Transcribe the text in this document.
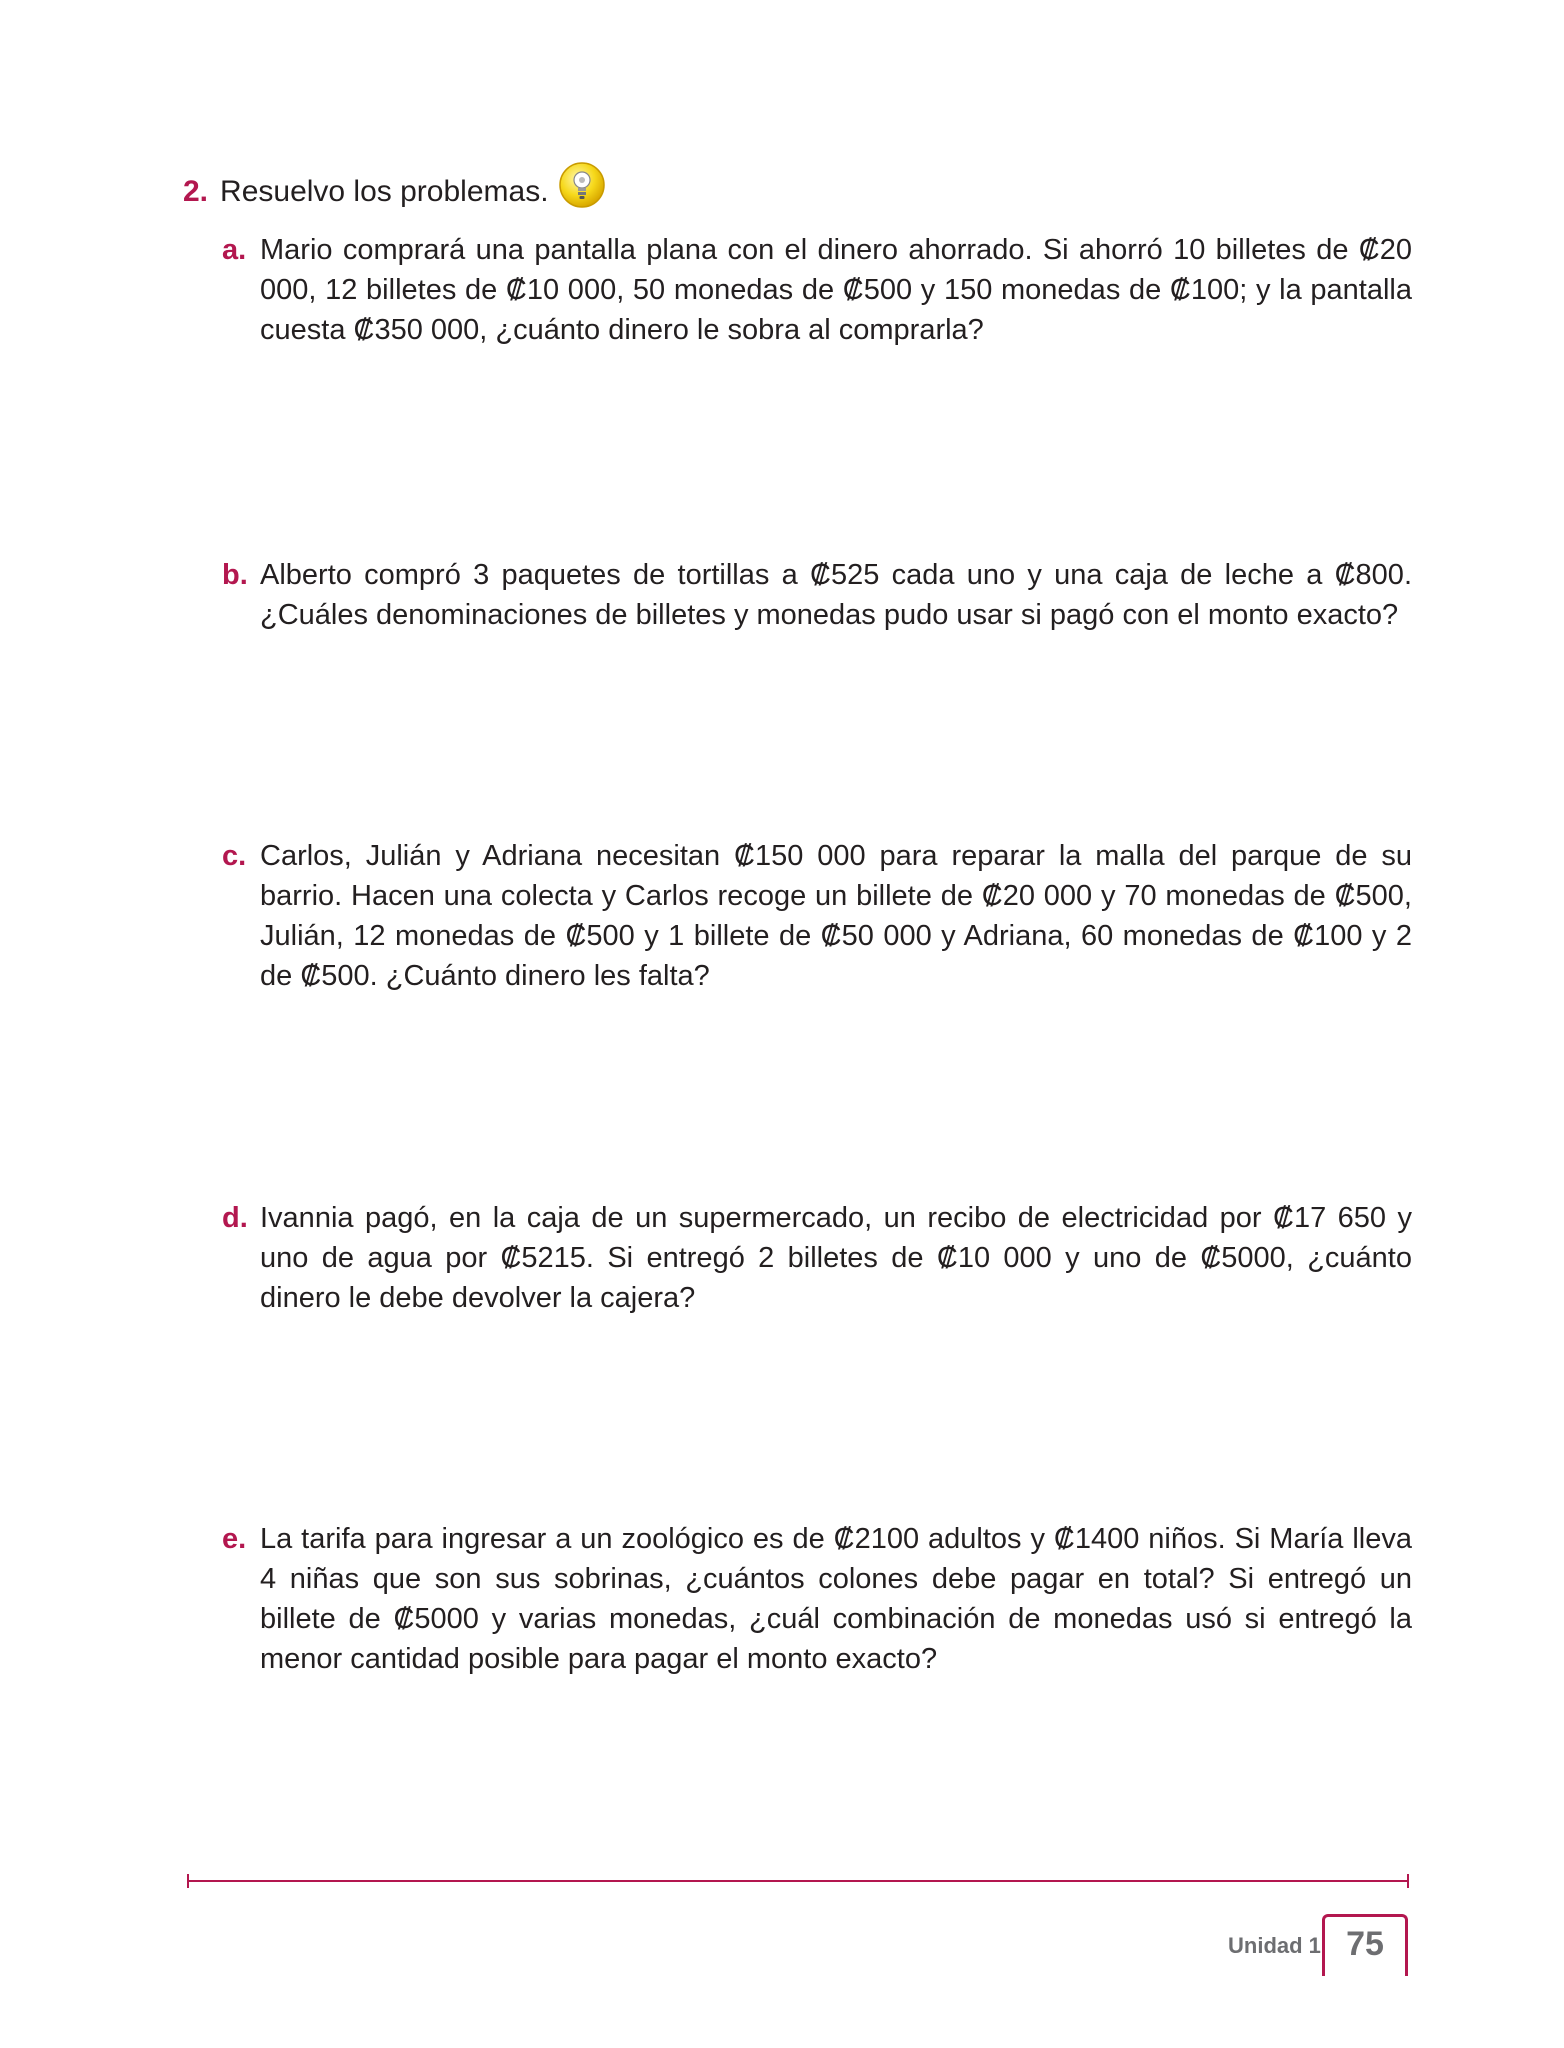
2. Resuelvo los problemas.
a. Mario comprará una pantalla plana con el dinero ahorrado. Si ahorró 10 billetes de ₡20 000, 12 billetes de ₡10 000, 50 monedas de ₡500 y 150 monedas de ₡100; y la pantalla cuesta ₡350 000, ¿cuánto dinero le sobra al comprarla?
b. Alberto compró 3 paquetes de tortillas a ₡525 cada uno y una caja de leche a ₡800. ¿Cuáles denominaciones de billetes y monedas pudo usar si pagó con el monto exacto?
c. Carlos, Julián y Adriana necesitan ₡150 000 para reparar la malla del parque de su barrio. Hacen una colecta y Carlos recoge un billete de ₡20 000 y 70 monedas de ₡500, Julián, 12 monedas de ₡500 y 1 billete de ₡50 000 y Adriana, 60 monedas de ₡100 y 2 de ₡500. ¿Cuánto dinero les falta?
d. Ivannia pagó, en la caja de un supermercado, un recibo de electricidad por ₡17 650 y uno de agua por ₡5215. Si entregó 2 billetes de ₡10 000 y uno de ₡5000, ¿cuánto dinero le debe devolver la cajera?
e. La tarifa para ingresar a un zoológico es de ₡2100 adultos y ₡1400 niños. Si María lleva 4 niñas que son sus sobrinas, ¿cuántos colones debe pagar en total? Si entregó un billete de ₡5000 y varias monedas, ¿cuál combinación de monedas usó si entregó la menor cantidad posible para pagar el monto exacto?
Unidad 1 75
